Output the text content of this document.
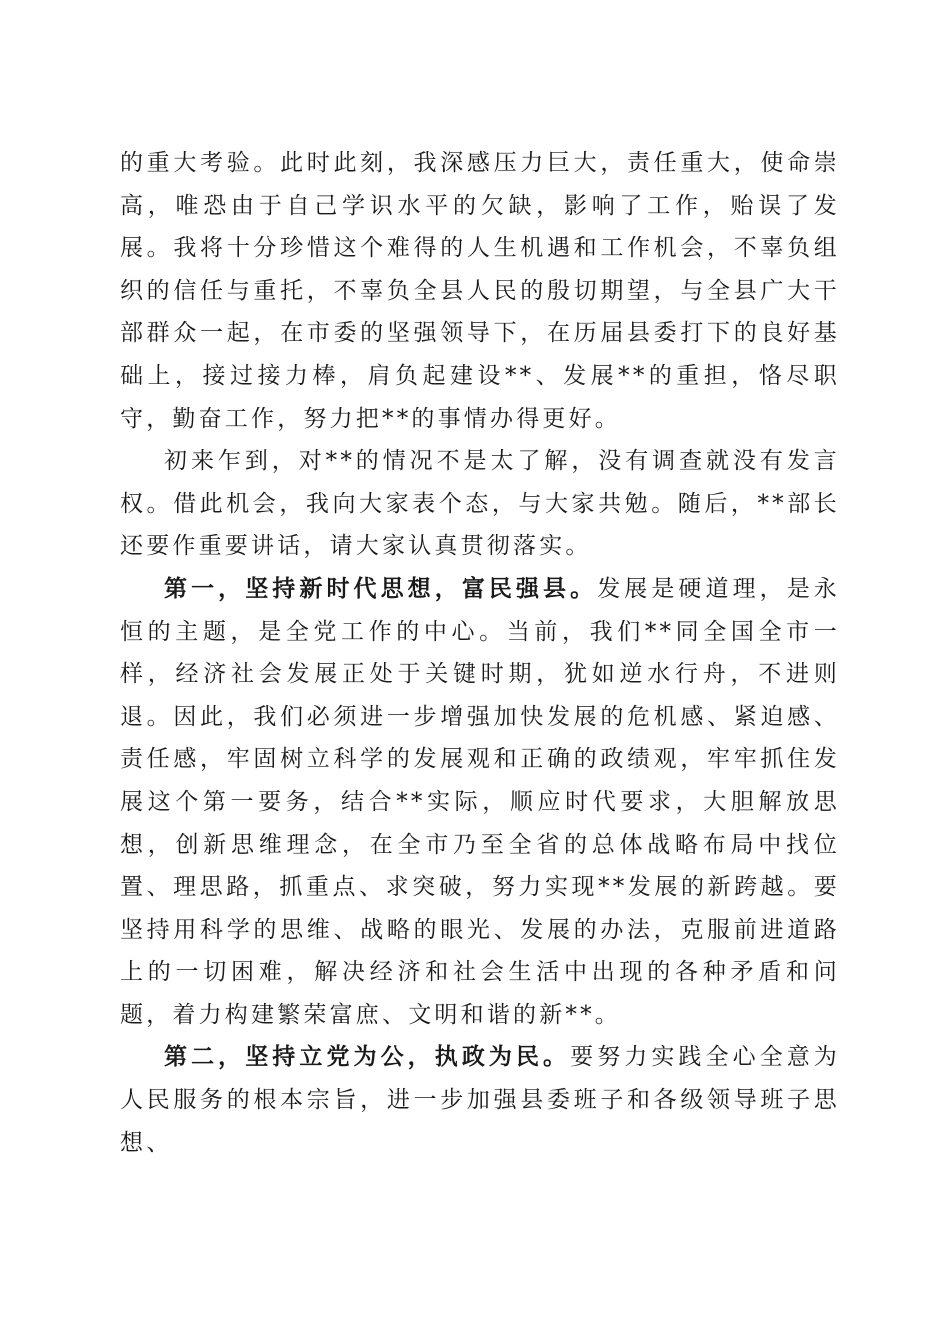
的重大考验。此时此刻，我深感压力巨大，责任重大，使命崇高，唯恐由于自己学识水平的欠缺，影响了工作，贻误了发展。我将十分珍惜这个难得的人生机遇和工作机会，不辜负组织的信任与重托，不辜负全县人民的殷切期望，与全县广大干部群众一起，在市委的坚强领导下，在历届县委打下的良好基础上，接过接力棒，肩负起建设**、发展**的重担，恪尽职守，勤奋工作，努力把**的事情办得更好。

初来乍到，对**的情况不是太了解，没有调查就没有发言权。借此机会，我向大家表个态，与大家共勉。随后，**部长还要作重要讲话，请大家认真贯彻落实。

第一，坚持新时代思想，富民强县。发展是硬道理，是永恒的主题，是全党工作的中心。当前，我们**同全国全市一样，经济社会发展正处于关键时期，犹如逆水行舟，不进则退。因此，我们必须进一步增强加快发展的危机感、紧迫感、责任感，牢固树立科学的发展观和正确的政绩观，牢牢抓住发展这个第一要务，结合**实际，顺应时代要求，大胆解放思想，创新思维理念，在全市乃至全省的总体战略布局中找位置、理思路，抓重点、求突破，努力实现**发展的新跨越。要坚持用科学的思维、战略的眼光、发展的办法，克服前进道路上的一切困难，解决经济和社会生活中出现的各种矛盾和问题，着力构建繁荣富庶、文明和谐的新**。

第二，坚持立党为公，执政为民。要努力实践全心全意为人民服务的根本宗旨，进一步加强县委班子和各级领导班子思想、
